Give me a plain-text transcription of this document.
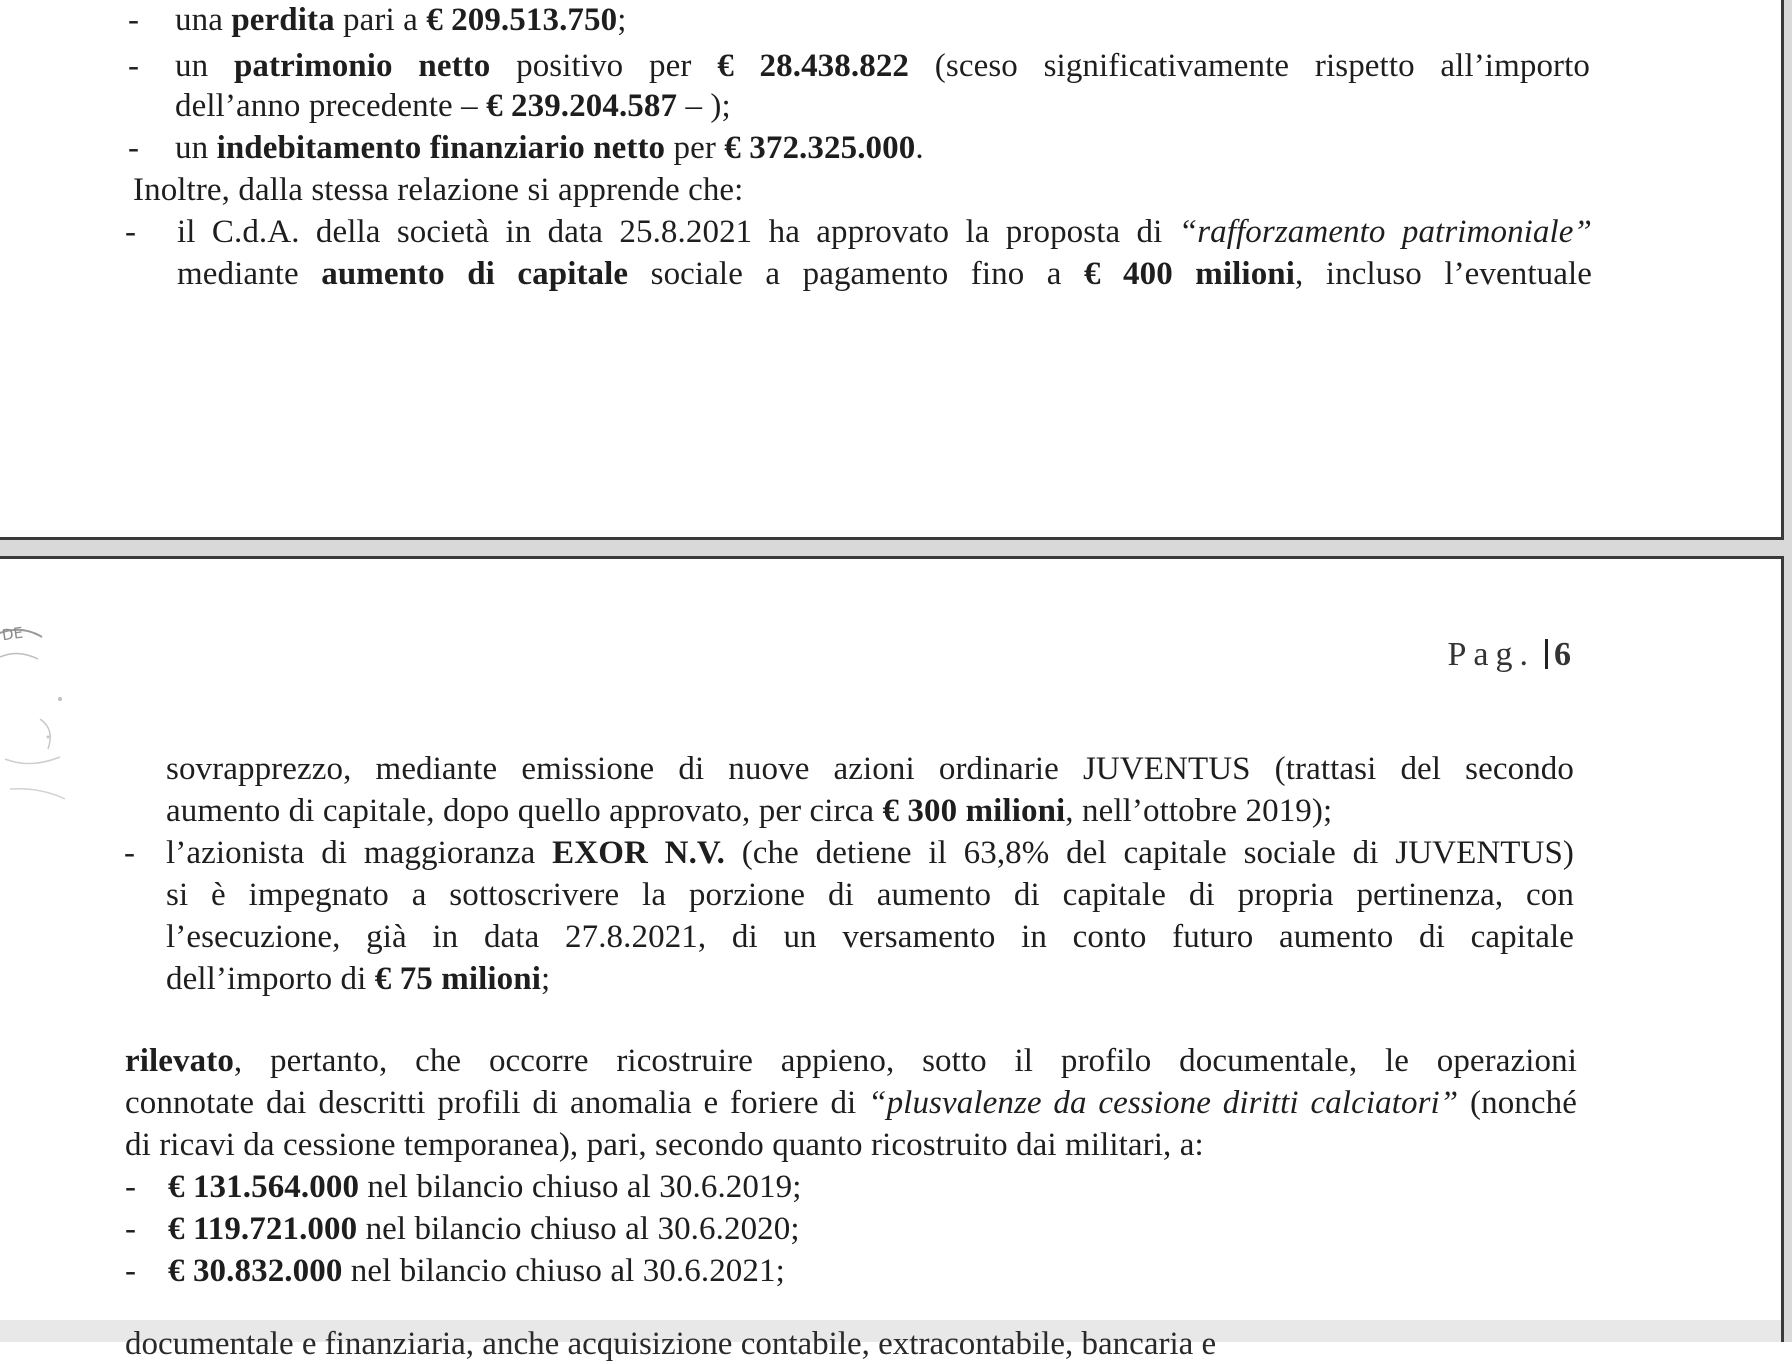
- una perdita pari a € 209.513.750;
- un patrimonio netto positivo per € 28.438.822 (sceso significativamente rispetto all’importo
dell’anno precedente – € 239.204.587 – );
- un indebitamento finanziario netto per € 372.325.000.
Inoltre, dalla stessa relazione si apprende che:
- il C.d.A. della società in data 25.8.2021 ha approvato la proposta di “rafforzamento patrimoniale”
mediante aumento di capitale sociale a pagamento fino a € 400 milioni, incluso l’eventuale
DE
Pag. 6
sovrapprezzo, mediante emissione di nuove azioni ordinarie JUVENTUS (trattasi del secondo
aumento di capitale, dopo quello approvato, per circa € 300 milioni, nell’ottobre 2019);
- l’azionista di maggioranza EXOR N.V. (che detiene il 63,8% del capitale sociale di JUVENTUS)
si è impegnato a sottoscrivere la porzione di aumento di capitale di propria pertinenza, con
l’esecuzione, già in data 27.8.2021, di un versamento in conto futuro aumento di capitale
dell’importo di € 75 milioni;
rilevato, pertanto, che occorre ricostruire appieno, sotto il profilo documentale, le operazioni
connotate dai descritti profili di anomalia e foriere di “plusvalenze da cessione diritti calciatori” (nonché
di ricavi da cessione temporanea), pari, secondo quanto ricostruito dai militari, a:
- € 131.564.000 nel bilancio chiuso al 30.6.2019;
- € 119.721.000 nel bilancio chiuso al 30.6.2020;
- € 30.832.000 nel bilancio chiuso al 30.6.2021;
documentale e finanziaria, anche acquisizione contabile, extracontabile, bancaria e
